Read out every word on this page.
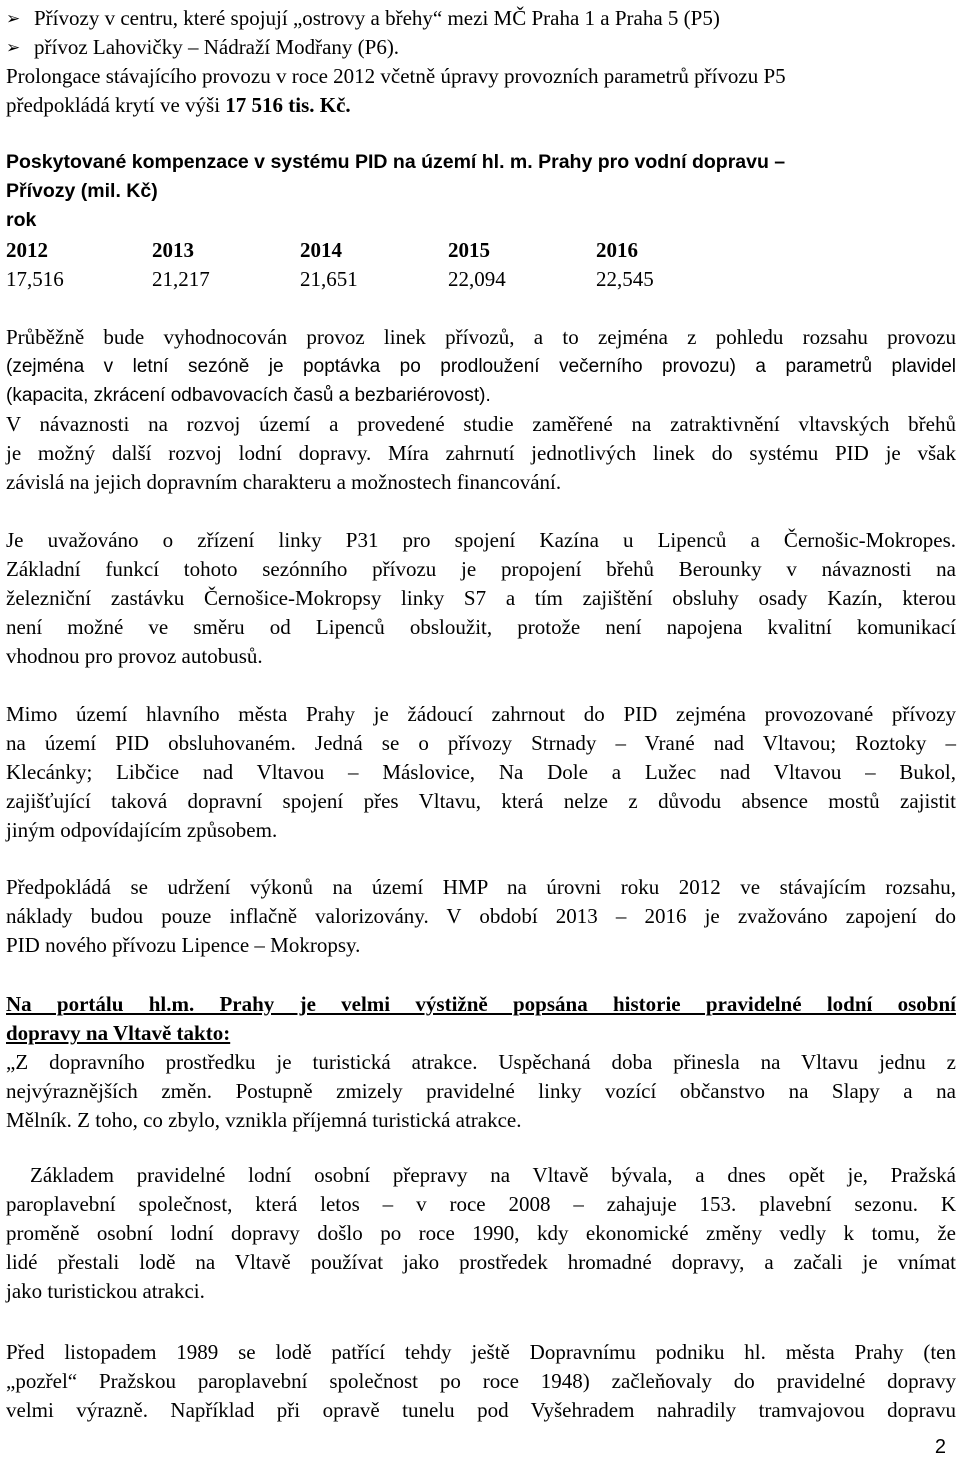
➢ Přívozy v centru, které spojují „ostrovy a břehy“ mezi MČ Praha 1 a Praha 5 (P5)
➢ přívoz Lahovičky – Nádraží Modřany (P6).
Prolongace stávajícího provozu v roce 2012 včetně úpravy provozních parametrů přívozu P5
předpokládá krytí ve výši 17 516 tis. Kč.
Poskytované kompenzace v systému PID na území hl. m. Prahy pro vodní dopravu –
Přívozy (mil. Kč)
rok
2012	2013	2014	2015	2016
17,516	21,217	21,651	22,094	22,545
Průběžně bude vyhodnocován provoz linek přívozů, a to zejména z pohledu rozsahu provozu
(zejména v letní sezóně je poptávka po prodloužení večerního provozu) a parametrů plavidel
(kapacita, zkrácení odbavovacích časů a bezbariérovost).
V návaznosti na rozvoj území a provedené studie zaměřené na zatraktivnění vltavských břehů
je možný další rozvoj lodní dopravy. Míra zahrnutí jednotlivých linek do systému PID je však
závislá na jejich dopravním charakteru a možnostech financování.
Je uvažováno o zřízení linky P31 pro spojení Kazína u Lipenců a Černošic-Mokropes.
Základní funkcí tohoto sezónního přívozu je propojení břehů Berounky v návaznosti na
železniční zastávku Černošice-Mokropsy linky S7 a tím zajištění obsluhy osady Kazín, kterou
není možné ve směru od Lipenců obsloužit, protože není napojena kvalitní komunikací
vhodnou pro provoz autobusů.
Mimo území hlavního města Prahy je žádoucí zahrnout do PID zejména provozované přívozy
na území PID obsluhovaném. Jedná se o přívozy Strnady – Vrané nad Vltavou; Roztoky –
Klecánky; Libčice nad Vltavou – Máslovice, Na Dole a Lužec nad Vltavou – Bukol,
zajišťující taková dopravní spojení přes Vltavu, která nelze z důvodu absence mostů zajistit
jiným odpovídajícím způsobem.
Předpokládá se udržení výkonů na území HMP na úrovni roku 2012 ve stávajícím rozsahu,
náklady budou pouze inflačně valorizovány. V období 2013 – 2016 je zvažováno zapojení do
PID nového přívozu Lipence – Mokropsy.
Na portálu hl.m. Prahy je velmi výstižně popsána historie pravidelné lodní osobní
dopravy na Vltavě takto:
„Z dopravního prostředku je turistická atrakce. Uspěchaná doba přinesla na Vltavu jednu z
nejvýraznějších změn. Postupně zmizely pravidelné linky vozící občanstvo na Slapy a na
Mělník. Z toho, co zbylo, vznikla příjemná turistická atrakce.
Základem pravidelné lodní osobní přepravy na Vltavě bývala, a dnes opět je, Pražská
paroplavební společnost, která letos – v roce 2008 – zahajuje 153. plavební sezonu. K
proměně osobní lodní dopravy došlo po roce 1990, kdy ekonomické změny vedly k tomu, že
lidé přestali lodě na Vltavě používat jako prostředek hromadné dopravy, a začali je vnímat
jako turistickou atrakci.
Před listopadem 1989 se lodě patřící tehdy ještě Dopravnímu podniku hl. města Prahy (ten
„pozřel“ Pražskou paroplavební společnost po roce 1948) začleňovaly do pravidelné dopravy
velmi výrazně. Například při opravě tunelu pod Vyšehradem nahradily tramvajovou dopravu
2
